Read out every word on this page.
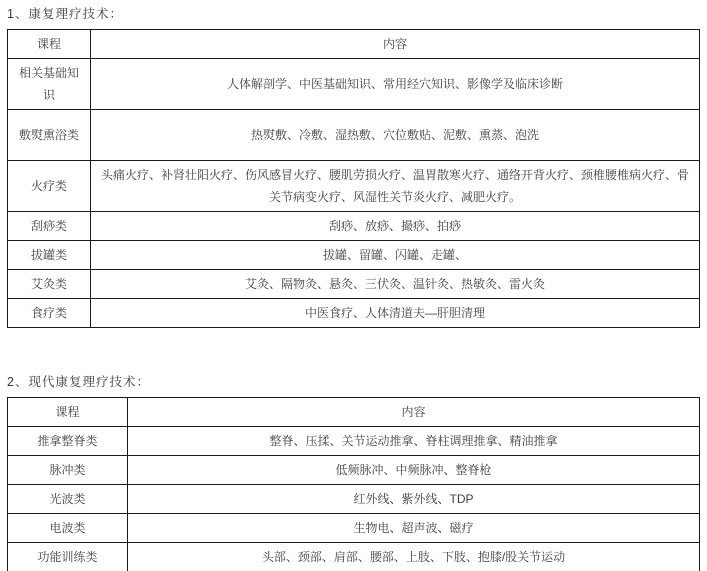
1、康复理疗技术：
课程	内容
相关基础知识	人体解剖学、中医基础知识、常用经穴知识、影像学及临床诊断
敷熨熏浴类	热熨敷、冷敷、湿热敷、穴位敷贴、泥敷、熏蒸、泡洗
火疗类	头痛火疗、补肾壮阳火疗、伤风感冒火疗、腰肌劳损火疗、温胃散寒火疗、通络开背火疗、颈椎腰椎病火疗、骨关节病变火疗、风湿性关节炎火疗、减肥火疗。
刮痧类	刮痧、放痧、撮痧、拍痧
拔罐类	拔罐、留罐、闪罐、走罐、
艾灸类	艾灸、隔物灸、悬灸、三伏灸、温针灸、热敏灸、雷火灸
食疗类	中医食疗、人体清道夫—肝胆清理
2、现代康复理疗技术：
课程	内容
推拿整脊类	整脊、压揉、关节运动推拿、脊柱调理推拿、精油推拿
脉冲类	低频脉冲、中频脉冲、整脊枪
光波类	红外线、紫外线、TDP
电波类	生物电、超声波、磁疗
功能训练类	头部、颈部、肩部、腰部、上肢、下肢、抱膝/股关节运动
